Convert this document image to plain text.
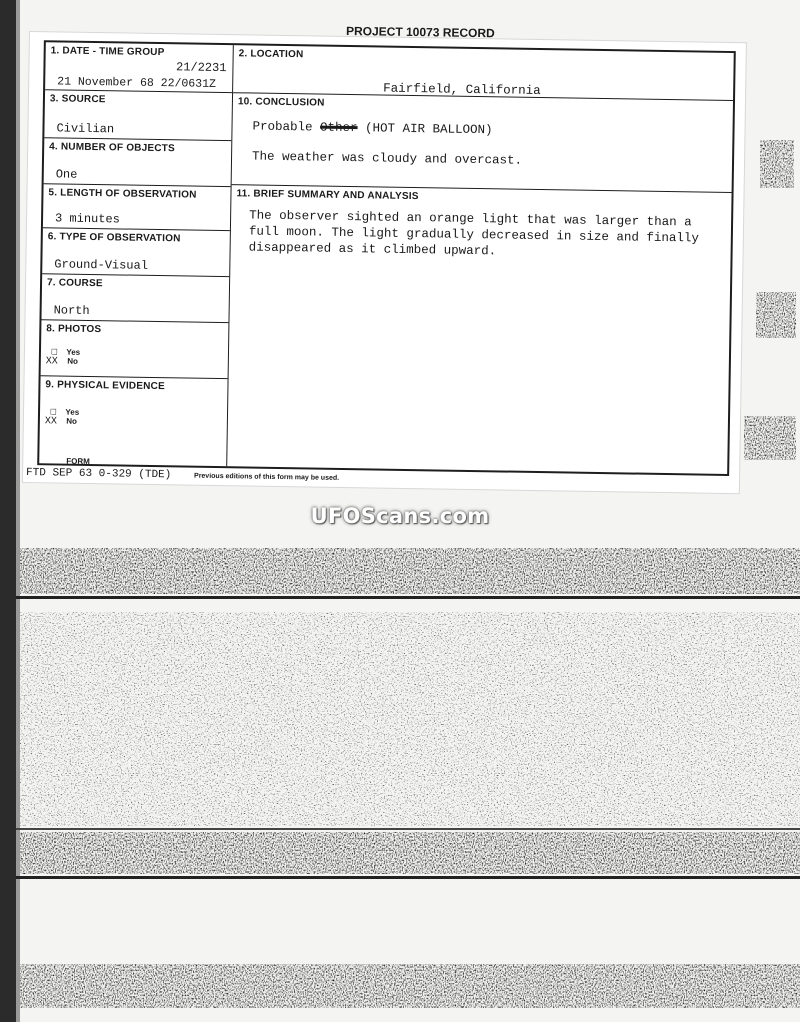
PROJECT 10073 RECORD
1. DATE - TIME GROUP
21/2231
21 November 68 22/0631Z
3. SOURCE
Civilian
4. NUMBER OF OBJECTS
One
5. LENGTH OF OBSERVATION
3 minutes
6. TYPE OF OBSERVATION
Ground-Visual
7. COURSE
North
8. PHOTOS
☐ Yes
XX No
9. PHYSICAL EVIDENCE
☐ Yes
XX No
2. LOCATION
Fairfield, California
10. CONCLUSION
Probable Other (HOT AIR BALLOON)
The weather was cloudy and overcast.
11. BRIEF SUMMARY AND ANALYSIS
The observer sighted an orange light that was larger than a
full moon. The light gradually decreased in size and finally
disappeared as it climbed upward.
FORM
FTD SEP 63 0-329 (TDE)	Previous editions of this form may be used.
UFOScans.com
